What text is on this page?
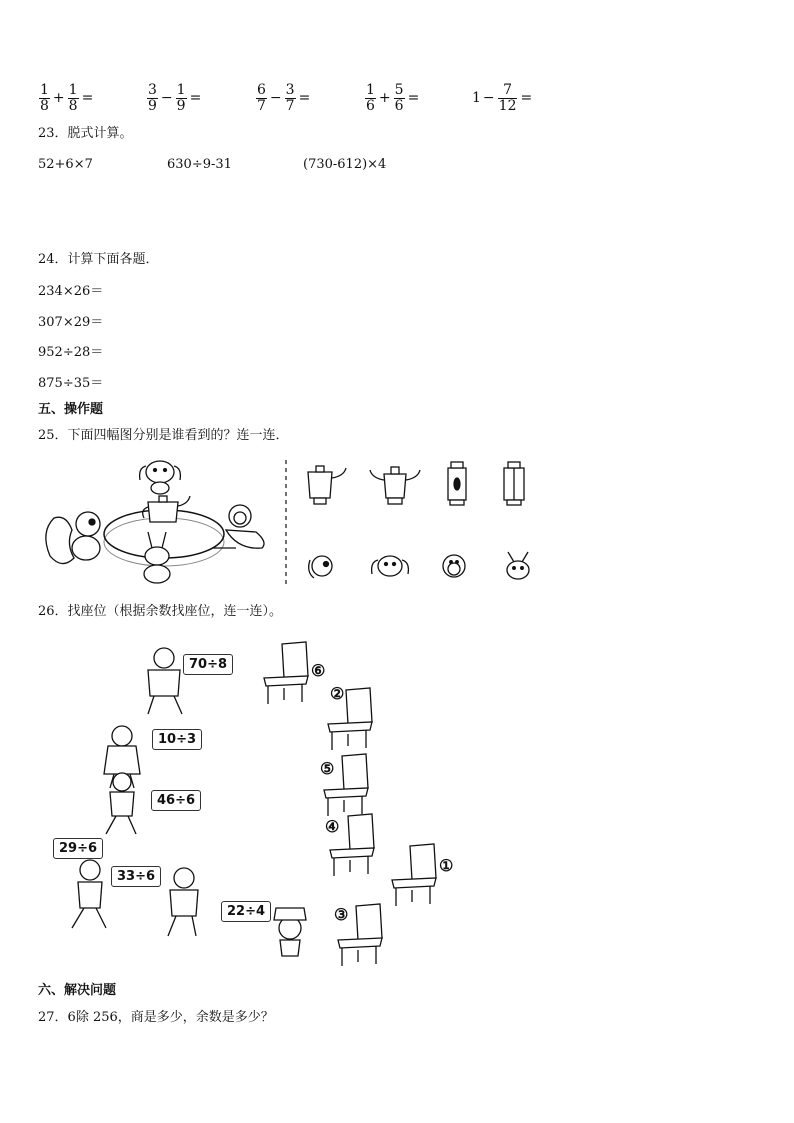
$\frac{1}{8} + \frac{1}{8}$ =	$\frac{3}{9} - \frac{1}{9}$ =	$\frac{6}{7} - \frac{3}{7}$ =	$\frac{1}{6} + \frac{5}{6}$ =	$1 - \frac{7}{12}$ =
23．脱式计算。
52+6×7	630÷9-31	(730-612)×4
24．计算下面各题．
234×26＝
307×29＝
952÷28＝
875÷35＝
五、操作题
25．下面四幅图分别是谁看到的？连一连．
26．找座位（根据余数找座位，连一连）。
70÷8
10÷3
46÷6
29÷6
33÷6
22÷4
⑥
②
⑤
④
①
③
六、解决问题
27．6除 256，商是多少，余数是多少？
